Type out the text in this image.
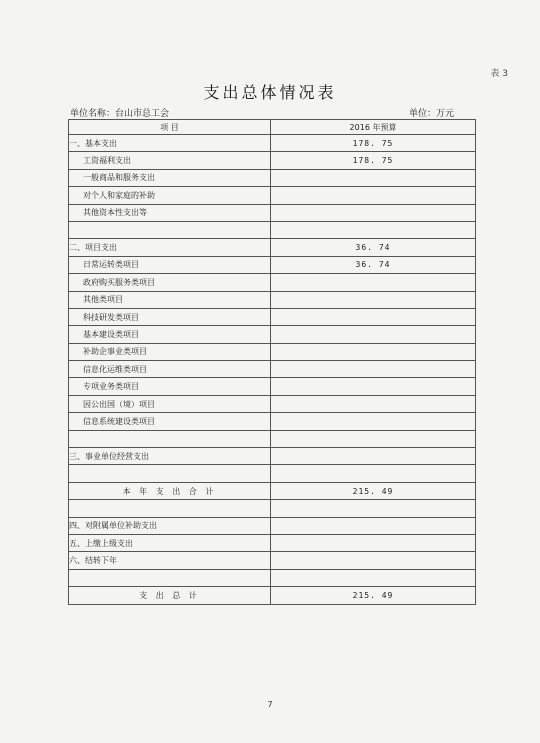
表 3
支出总体情况表
单位名称：台山市总工会	单位：万元
项 目	2016 年预算
一、基本支出	178. 75
工资福利支出	178. 75
一般商品和服务支出	
对个人和家庭的补助	
其他资本性支出等	

二、项目支出	36. 74
日常运转类项目	36. 74
政府购买服务类项目	
其他类项目	
科技研发类项目	
基本建设类项目	
补助企事业类项目	
信息化运维类项目	
专项业务类项目	
因公出国（境）项目	
信息系统建设类项目	

三、事业单位经营支出	

本 年 支 出 合 计	215. 49

四、对附属单位补助支出	
五、上缴上级支出	
六、结转下年	

支 出 总 计	215. 49
7
